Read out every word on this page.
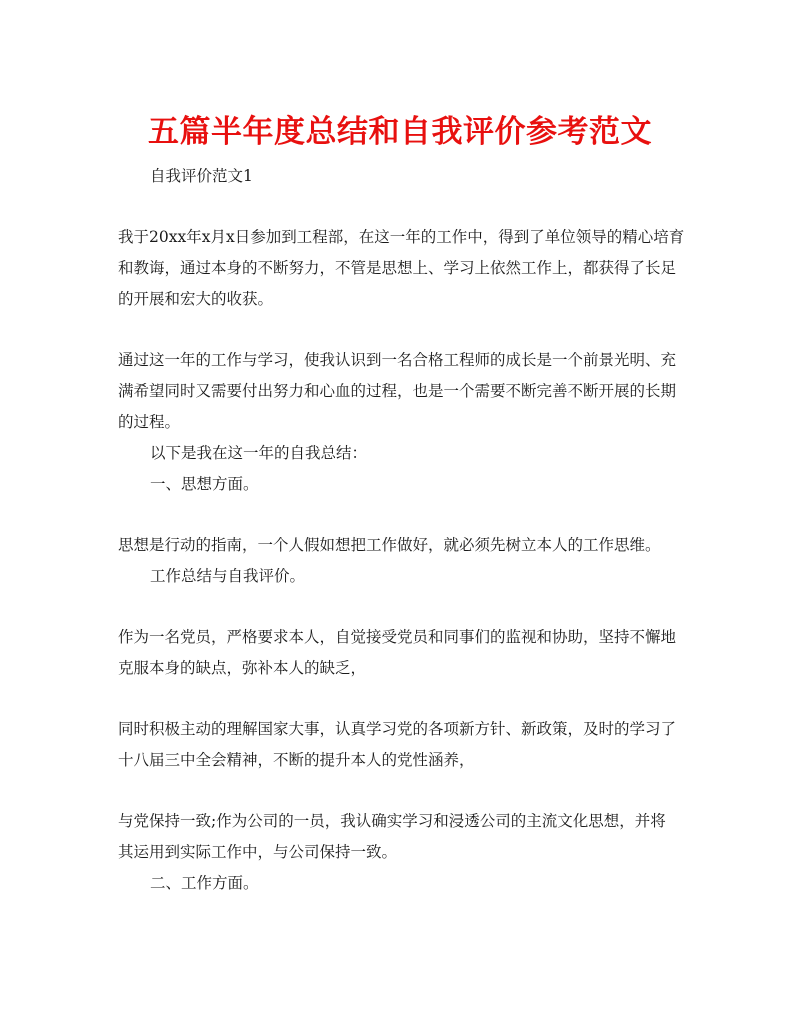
五篇半年度总结和自我评价参考范文
自我评价范文1
我于20xx年x月x日参加到工程部，在这一年的工作中，得到了单位领导的精心培育
和教诲，通过本身的不断努力，不管是思想上、学习上依然工作上，都获得了长足
的开展和宏大的收获。
通过这一年的工作与学习，使我认识到一名合格工程师的成长是一个前景光明、充
满希望同时又需要付出努力和心血的过程，也是一个需要不断完善不断开展的长期
的过程。
以下是我在这一年的自我总结：
一、思想方面。
思想是行动的指南，一个人假如想把工作做好，就必须先树立本人的工作思维。
工作总结与自我评价。
作为一名党员，严格要求本人，自觉接受党员和同事们的监视和协助，坚持不懈地
克服本身的缺点，弥补本人的缺乏，
同时积极主动的理解国家大事，认真学习党的各项新方针、新政策，及时的学习了
十八届三中全会精神，不断的提升本人的党性涵养，
与党保持一致;作为公司的一员，我认确实学习和浸透公司的主流文化思想，并将
其运用到实际工作中，与公司保持一致。
二、工作方面。
